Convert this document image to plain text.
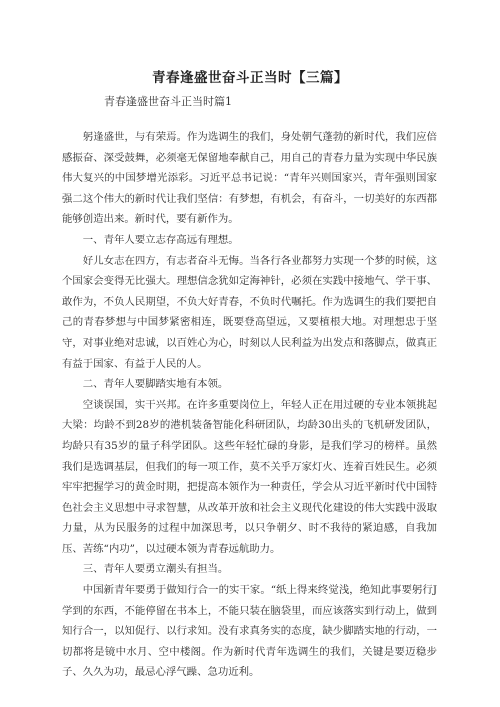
青春逢盛世奋斗正当时【三篇】
青春逢盛世奋斗正当时篇1

躬逢盛世，与有荣焉。作为选调生的我们，身处朝气蓬勃的新时代，我们应倍感振奋、深受鼓舞，必须毫无保留地奉献自己，用自己的青春力量为实现中华民族伟大复兴的中国梦增光添彩。习近平总书记说：“青年兴则国家兴，青年强则国家强二这个伟大的新时代让我们坚信：有梦想，有机会，有奋斗，一切美好的东西都能够创造出来。新时代，要有新作为。

一、青年人要立志存高远有理想。

好儿女志在四方，有志者奋斗无悔。当各行各业都努力实现一个梦的时候，这个国家会变得无比强大。理想信念犹如定海神针，必须在实践中接地气、学干事、敢作为，不负人民期望，不负大好青春，不负时代嘱托。作为选调生的我们要把自己的青春梦想与中国梦紧密相连，既要登高望远，又要植根大地。对理想忠于坚守，对事业绝对忠诚，以百姓心为心，时刻以人民利益为出发点和落脚点，做真正有益于国家、有益于人民的人。

二、青年人要脚踏实地有本领。

空谈误国，实干兴邦。在许多重要岗位上，年轻人正在用过硬的专业本领挑起大梁：均龄不到28岁的港机装备智能化科研团队，均龄30出头的飞机研发团队，均龄只有35岁的量子科学团队。这些年轻忙碌的身影，是我们学习的榜样。虽然我们是选调基层，但我们的每一项工作，莫不关乎万家灯火、连着百姓民生。必须牢牢把握学习的黄金时期，把提高本领作为一种责任，学会从习近平新时代中国特色社会主义思想中寻求智慧，从改革开放和社会主义现代化建设的伟大实践中汲取力量，从为民服务的过程中加深思考，以只争朝夕、时不我待的紧迫感，自我加压、苦练“内功”，以过硬本领为青春远航助力。

三、青年人要勇立潮头有担当。

中国新青年要勇于做知行合一的实干家。“纸上得来终觉浅，绝知此事要躬行J学到的东西，不能停留在书本上，不能只装在脑袋里，而应该落实到行动上，做到知行合一，以知促行、以行求知。没有求真务实的态度，缺少脚踏实地的行动，一切都将是镜中水月、空中楼阁。作为新时代青年选调生的我们，关键是要迈稳步子、久久为功，最忌心浮气躁、急功近利。
